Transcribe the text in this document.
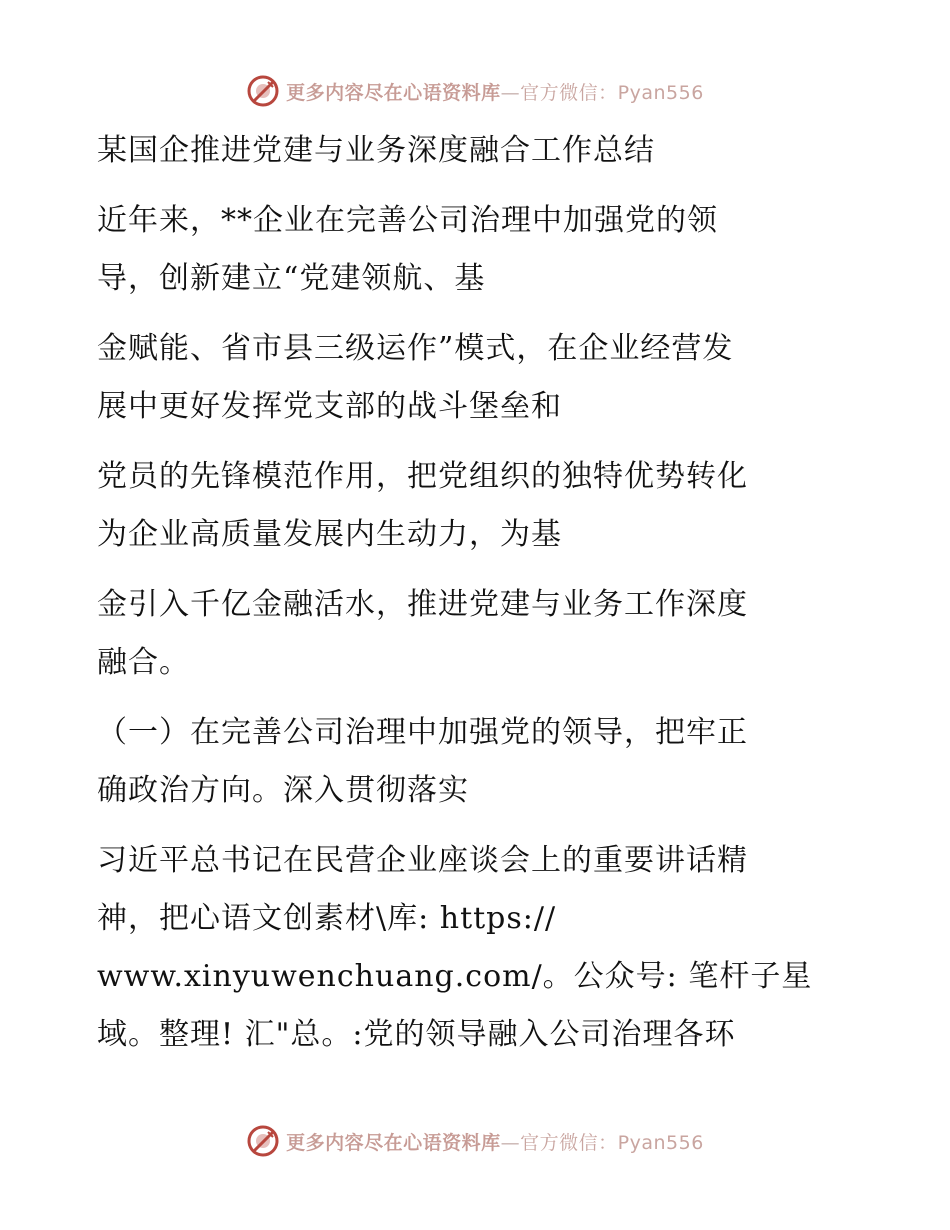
更多内容尽在心语资料库—官方微信：Pyan556
某国企推进党建与业务深度融合工作总结
近年来，**企业在完善公司治理中加强党的领
导，创新建立“党建领航、基
金赋能、省市县三级运作”模式，在企业经营发
展中更好发挥党支部的战斗堡垒和
党员的先锋模范作用，把党组织的独特优势转化
为企业高质量发展内生动力，为基
金引入千亿金融活水，推进党建与业务工作深度
融合。
（一）在完善公司治理中加强党的领导，把牢正
确政治方向。深入贯彻落实
习近平总书记在民营企业座谈会上的重要讲话精
神，把心语文创素材\库: https://
www.xinyuwenchuang.com/。公众号: 笔杆子星
域。整理! 汇"总。:党的领导融入公司治理各环
更多内容尽在心语资料库—官方微信：Pyan556
